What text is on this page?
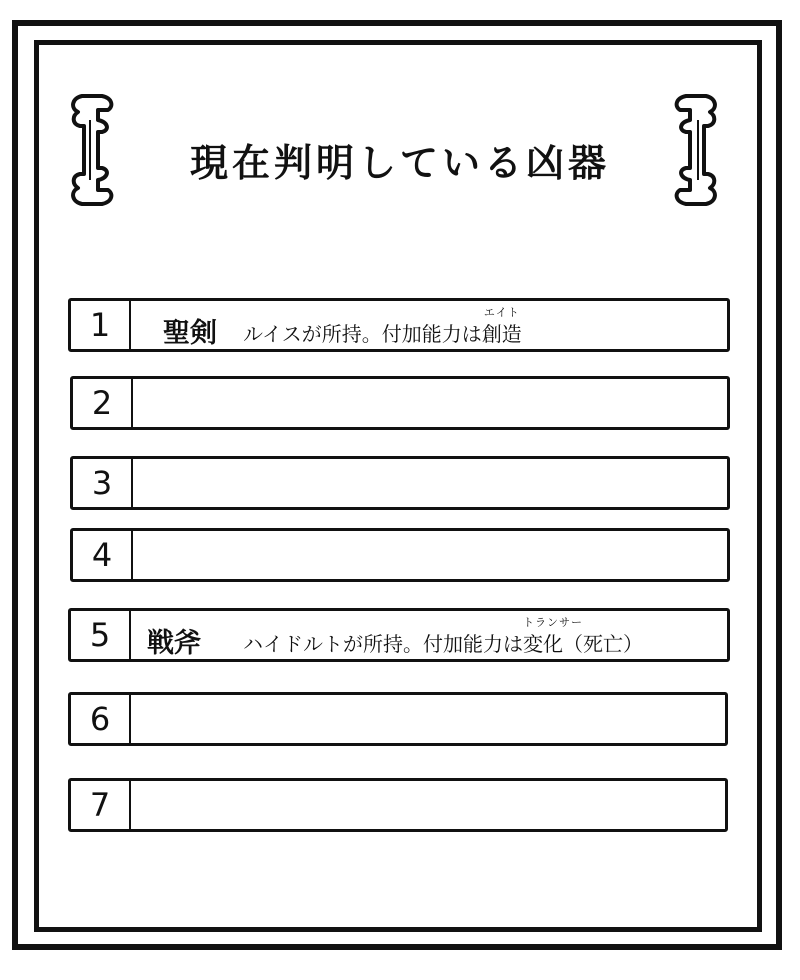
現在判明している凶器
1	聖剣 ルイスが所持。付加能力は
エイト
創造
2
3
4
5	戦斧 ハイドルトが所持。付加能力は
トランサー
変化（死亡）
6
7
